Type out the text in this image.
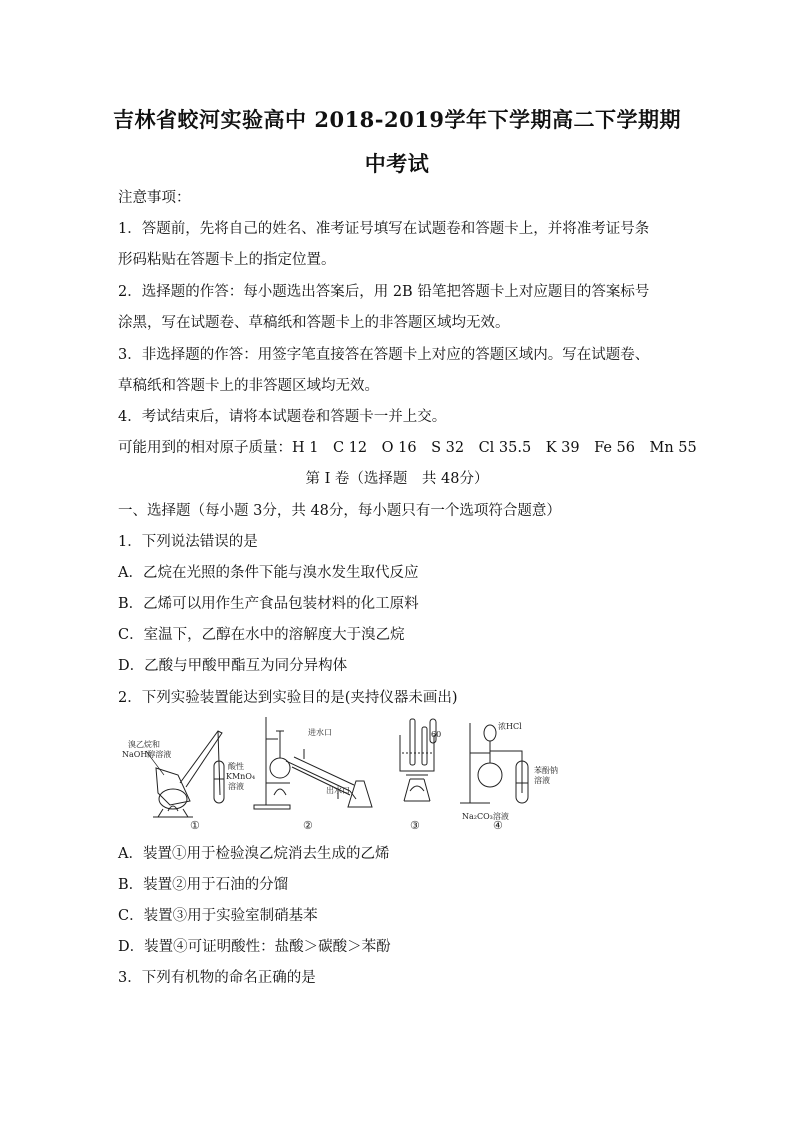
吉林省蛟河实验高中 2018-2019学年下学期高二下学期期
中考试
注意事项：
1．答题前，先将自己的姓名、准考证号填写在试题卷和答题卡上，并将准考证号条
形码粘贴在答题卡上的指定位置。
2．选择题的作答：每小题选出答案后，用 2B 铅笔把答题卡上对应题目的答案标号
涂黑，写在试题卷、草稿纸和答题卡上的非答题区域均无效。
3．非选择题的作答：用签字笔直接答在答题卡上对应的答题区域内。写在试题卷、
草稿纸和答题卡上的非答题区域均无效。
4．考试结束后，请将本试题卷和答题卡一并上交。
可能用到的相对原子质量：H 1　C 12　O 16　S 32　Cl 35.5　K 39　Fe 56　Mn 55
第 I 卷（选择题　共 48分）
一、选择题（每小题 3分，共 48分，每小题只有一个选项符合题意）
1．下列说法错误的是
A．乙烷在光照的条件下能与溴水发生取代反应
B．乙烯可以用作生产食品包装材料的化工原料
C．室温下，乙醇在水中的溶解度大于溴乙烷
D．乙酸与甲酸甲酯互为同分异构体
2．下列实验装置能达到实验目的是(夹持仪器未画出)
溴乙烷和
NaOH醇溶液
酸性
KMnO₄
溶液
进水口
出水口
60
浓HCl
Na₂CO₃溶液
苯酚钠
溶液
①	②	③	④
A．装置①用于检验溴乙烷消去生成的乙烯
B．装置②用于石油的分馏
C．装置③用于实验室制硝基苯
D．装置④可证明酸性：盐酸＞碳酸＞苯酚
3．下列有机物的命名正确的是
